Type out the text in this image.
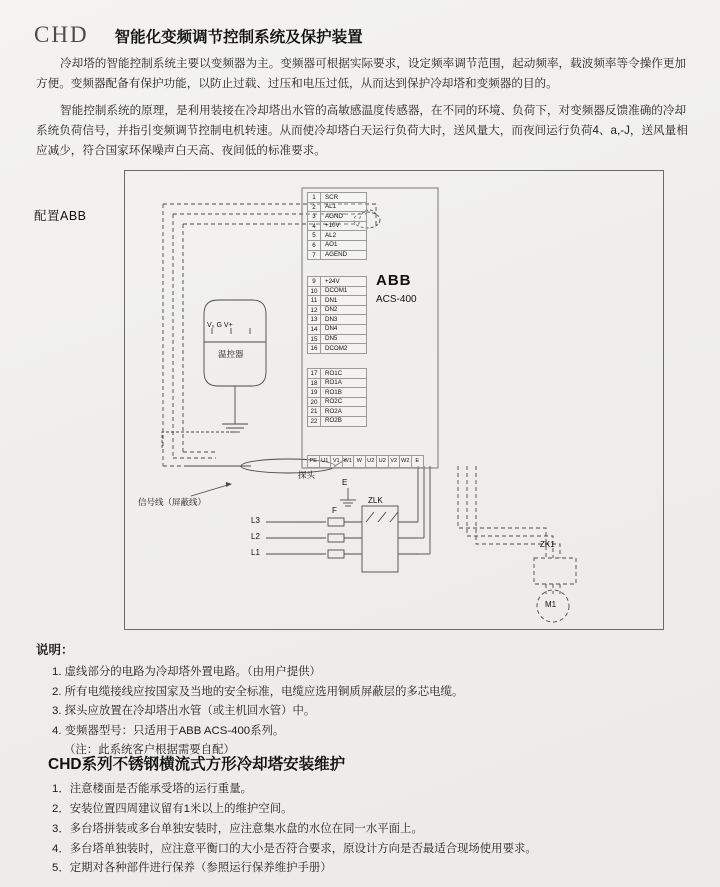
CHD 智能化变频调节控制系统及保护装置

冷却塔的智能控制系统主要以变频器为主。变频器可根据实际要求，设定频率调节范围，起动频率，载波频率等令操作更加方便。变频器配备有保护功能，以防止过载、过压和电压过低，从而达到保护冷却塔和变频器的目的。

智能控制系统的原理，是利用装接在冷却塔出水管的高敏感温度传感器，在不同的环境、负荷下，对变频器反馈准确的冷却系统负荷信号，并指引变频调节控制电机转速。从而使冷却塔白天运行负荷大时，送风量大，而夜间运行负荷4、a,-J，送风量相应减少，符合国家环保噪声白天高、夜间低的标准要求。

配置ABB
1	SCR
2	AL1
3	AGND
4	+10V
5	AL2
6	AO1
7	AGEND
9	+24V
10	DCOM1
11	DN1
12	DN2
13	DN3
14	DN4
15	DN5
16	DCOM2
17	RO1C
18	RO1A
19	RO1B
20	RO2C
21	RO2A
22	RO2B
ABB
ACS-400
PE U1 V1 W1 W U2 U2 V2 W2	E
V₀ G V+
温控器
探头
信号线（屏蔽线）
L3
L2
L1
F
ZLK
E
ZK1
M1
说明：
1. 虚线部分的电路为冷却塔外置电路。（由用户提供）
2. 所有电缆接线应按国家及当地的安全标准，电缆应选用铜质屏蔽层的多芯电缆。
3. 探头应放置在冷却塔出水管（或主机回水管）中。
4. 变频器型号：只适用于ABB ACS-400系列。
（注：此系统客户根据需要自配）
CHD系列不锈钢横流式方形冷却塔安装维护
1．注意楼面是否能承受塔的运行重量。
2．安装位置四周建议留有1米以上的维护空间。
3．多台塔拼装或多台单独安装时，应注意集水盘的水位在同一水平面上。
4．多台塔单独装时，应注意平衡口的大小是否符合要求，原设计方向是否最适合现场使用要求。
5．定期对各种部件进行保养（参照运行保养维护手册）
